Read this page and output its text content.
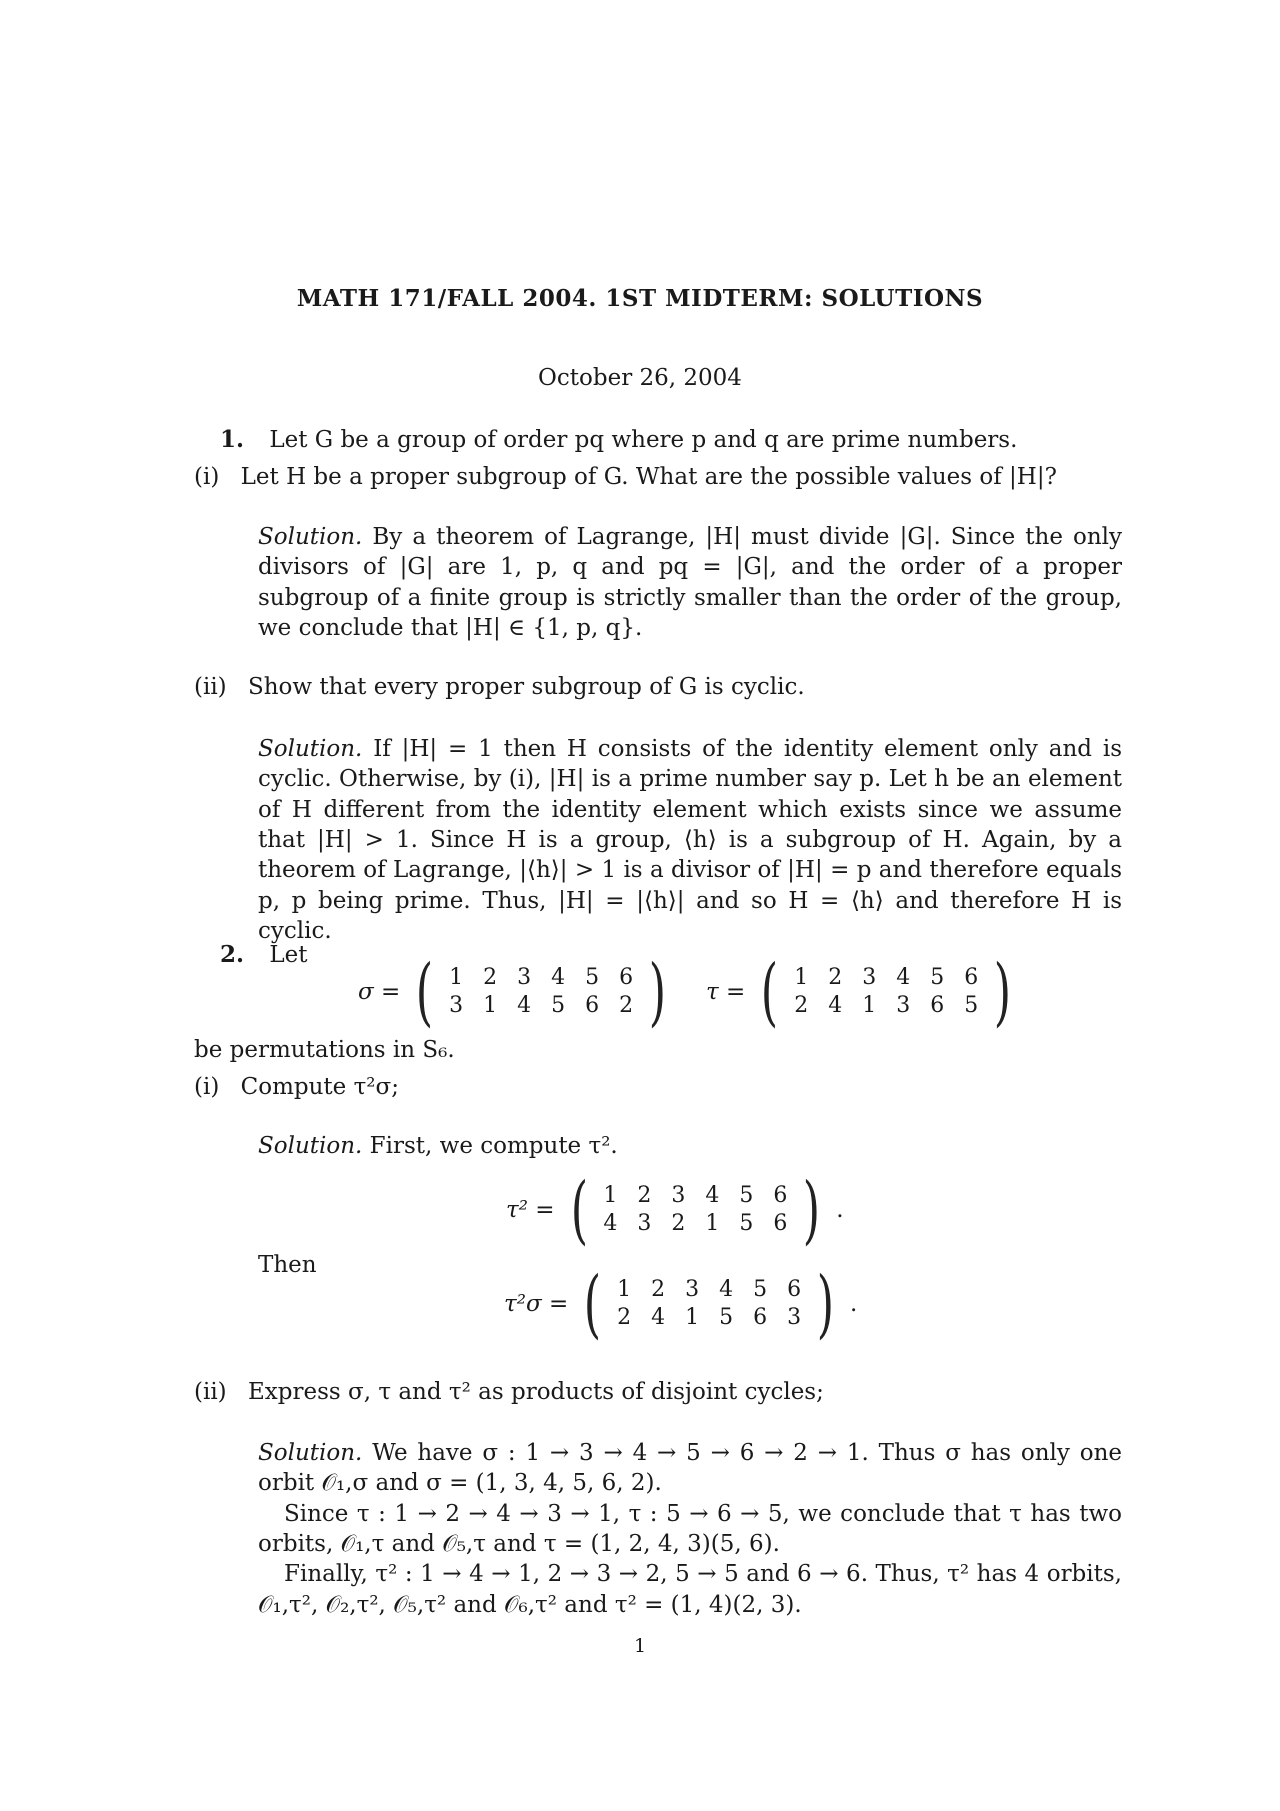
MATH 171/FALL 2004. 1ST MIDTERM: SOLUTIONS
October 26, 2004
1. Let G be a group of order pq where p and q are prime numbers.
(i) Let H be a proper subgroup of G. What are the possible values of |H|?
Solution. By a theorem of Lagrange, |H| must divide |G|. Since the only divisors of |G| are 1, p, q and pq = |G|, and the order of a proper subgroup of a finite group is strictly smaller than the order of the group, we conclude that |H| ∈ {1, p, q}.
(ii) Show that every proper subgroup of G is cyclic.
Solution. If |H| = 1 then H consists of the identity element only and is cyclic. Otherwise, by (i), |H| is a prime number say p. Let h be an element of H different from the identity element which exists since we assume that |H| > 1. Since H is a group, ⟨h⟩ is a subgroup of H. Again, by a theorem of Lagrange, |⟨h⟩| > 1 is a divisor of |H| = p and therefore equals p, p being prime. Thus, |H| = |⟨h⟩| and so H = ⟨h⟩ and therefore H is cyclic.
2. Let
σ = ( 1 2 3 4 5 6
3 1 4 5 6 2 ) τ = ( 1 2 3 4 5 6
2 4 1 3 6 5 )
be permutations in S₆.
(i) Compute τ²σ;
Solution. First, we compute τ².
τ² = ( 1 2 3 4 5 6
4 3 2 1 5 6 ) .
Then
τ²σ = ( 1 2 3 4 5 6
2 4 1 5 6 3 ) .
(ii) Express σ, τ and τ² as products of disjoint cycles;
Solution. We have σ : 1 → 3 → 4 → 5 → 6 → 2 → 1. Thus σ has only one orbit 𝒪₁,σ and σ = (1, 3, 4, 5, 6, 2).
Since τ : 1 → 2 → 4 → 3 → 1, τ : 5 → 6 → 5, we conclude that τ has two orbits, 𝒪₁,τ and 𝒪₅,τ and τ = (1, 2, 4, 3)(5, 6).
Finally, τ² : 1 → 4 → 1, 2 → 3 → 2, 5 → 5 and 6 → 6. Thus, τ² has 4 orbits, 𝒪₁,τ², 𝒪₂,τ², 𝒪₅,τ² and 𝒪₆,τ² and τ² = (1, 4)(2, 3).
1
